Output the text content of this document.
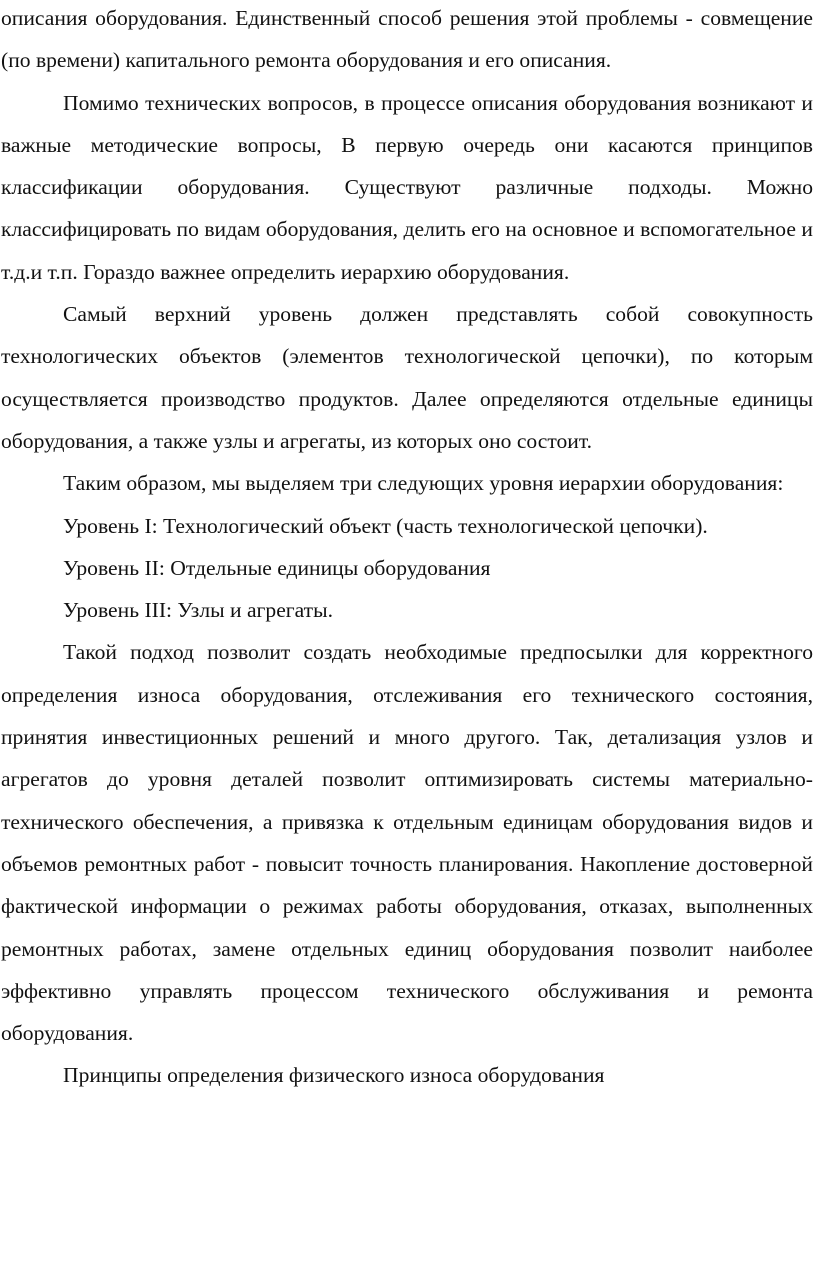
описания оборудования. Единственный способ решения этой проблемы - совмещение (по времени) капитального ремонта оборудования и его описания.

Помимо технических вопросов, в процессе описания оборудования возникают и важные методические вопросы, В первую очередь они касаются принципов классификации оборудования. Существуют различные подходы. Можно классифицировать по видам оборудования, делить его на основное и вспомогательное и т.д.и т.п. Гораздо важнее определить иерархию оборудования.

Самый верхний уровень должен представлять собой совокупность технологических объектов (элементов технологической цепочки), по которым осуществляется производство продуктов. Далее определяются отдельные единицы оборудования, а также узлы и агрегаты, из которых оно состоит.

Таким образом, мы выделяем три следующих уровня иерархии оборудования:

Уровень I: Технологический объект (часть технологической цепочки).

Уровень II: Отдельные единицы оборудования

Уровень III: Узлы и агрегаты.

Такой подход позволит создать необходимые предпосылки для корректного определения износа оборудования, отслеживания его технического состояния, принятия инвестиционных решений и много другого. Так, детализация узлов и агрегатов до уровня деталей позволит оптимизировать системы материально-технического обеспечения, а привязка к отдельным единицам оборудования видов и объемов ремонтных работ - повысит точность планирования. Накопление достоверной фактической информации о режимах работы оборудования, отказах, выполненных ремонтных работах, замене отдельных единиц оборудования позволит наиболее эффективно управлять процессом технического обслуживания и ремонта оборудования.

Принципы определения физического износа оборудования
